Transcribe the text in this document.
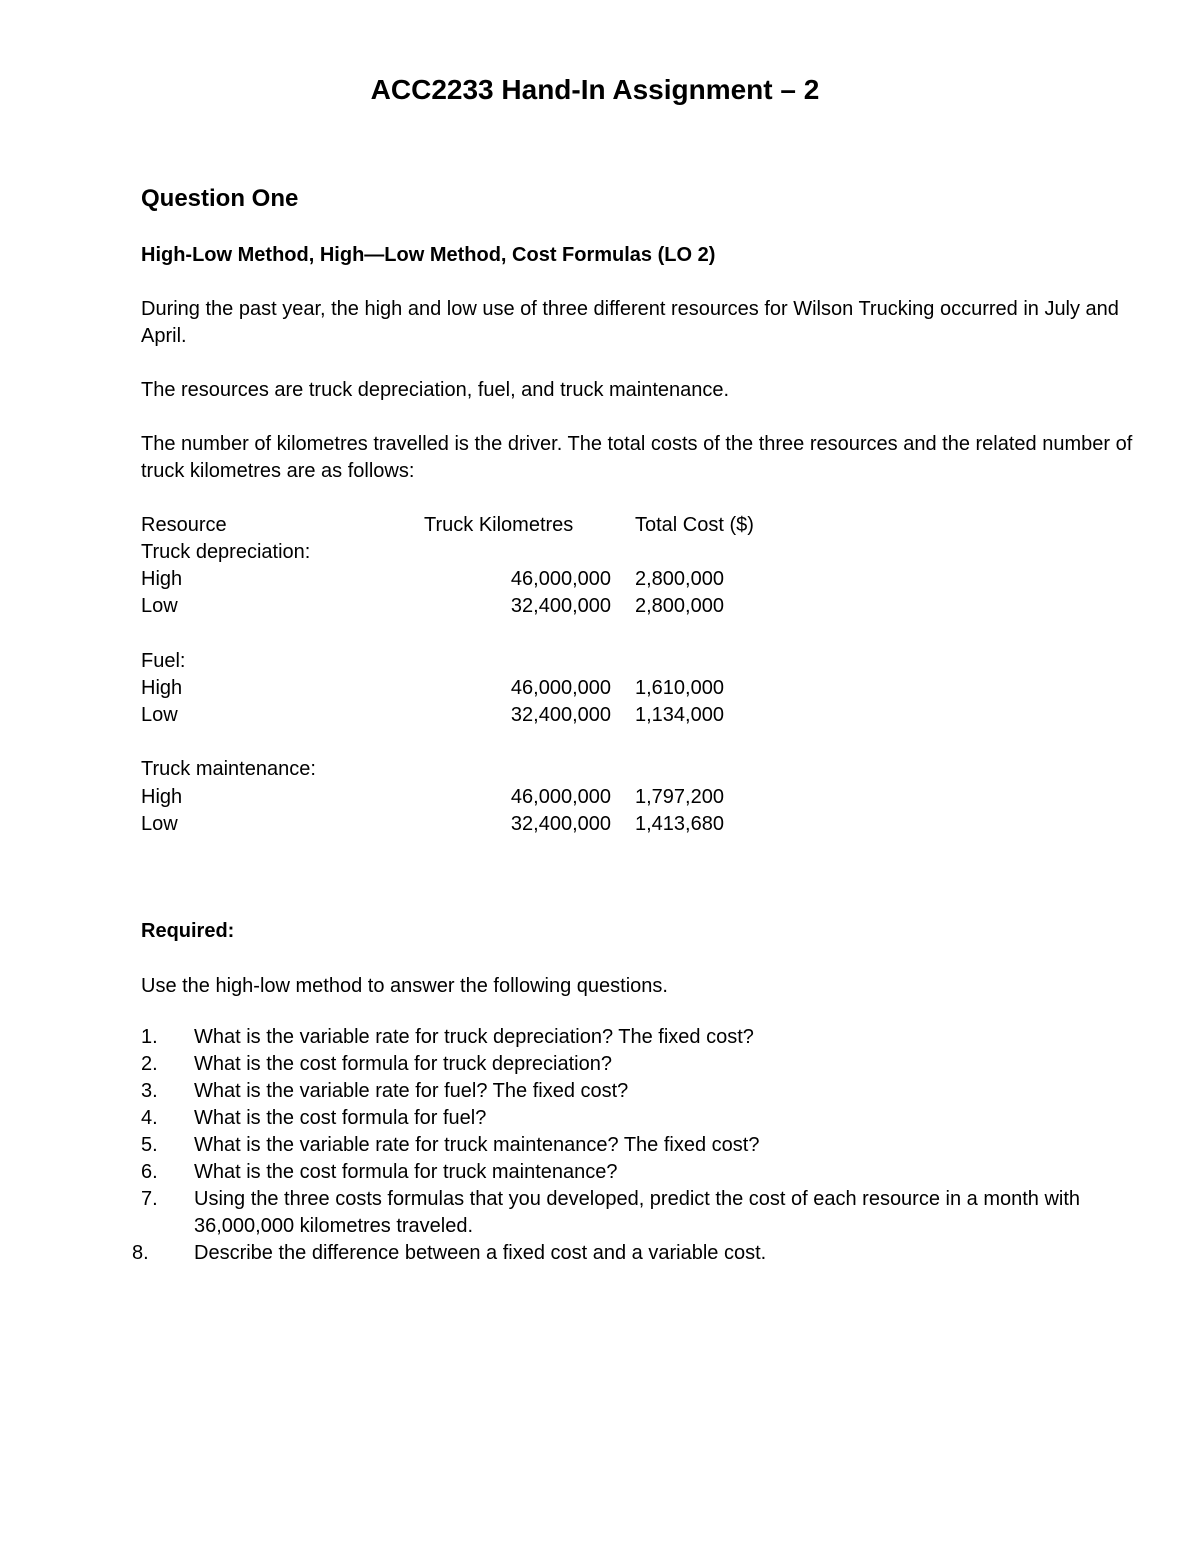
ACC2233 Hand-In Assignment – 2
Question One
High-Low Method, High—Low Method, Cost Formulas (LO 2)
During the past year, the high and low use of three different resources for Wilson Trucking occurred in July and April.
The resources are truck depreciation, fuel, and truck maintenance.
The number of kilometres travelled is the driver. The total costs of the three resources and the related number of truck kilometres are as follows:
Resource	Truck Kilometres	Total Cost ($)
Truck depreciation:
High	46,000,000 2,800,000
Low	32,400,000 2,800,000
Fuel:
High	46,000,000 1,610,000
Low	32,400,000 1,134,000
Truck maintenance:
High	46,000,000 1,797,200
Low	32,400,000 1,413,680
Required:
Use the high-low method to answer the following questions.
1. What is the variable rate for truck depreciation? The fixed cost?
2. What is the cost formula for truck depreciation?
3. What is the variable rate for fuel? The fixed cost?
4. What is the cost formula for fuel?
5. What is the variable rate for truck maintenance? The fixed cost?
6. What is the cost formula for truck maintenance?
7. Using the three costs formulas that you developed, predict the cost of each resource in a month with 36,000,000 kilometres traveled.
8. Describe the difference between a fixed cost and a variable cost.
